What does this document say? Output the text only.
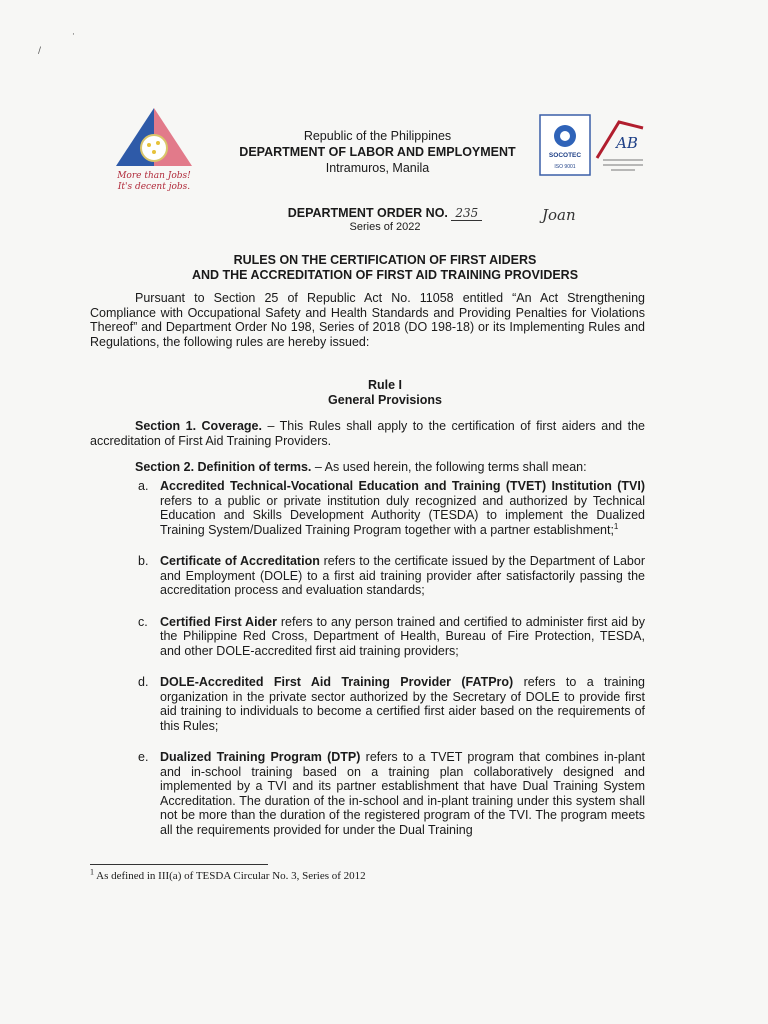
·
∕
More than Jobs!
It's decent jobs.
Republic of the Philippines
DEPARTMENT OF LABOR AND EMPLOYMENT
Intramuros, Manila
SOCOTEC
ISO 9001
AB
DEPARTMENT ORDER NO. 235
Series of 2022
Joan
RULES ON THE CERTIFICATION OF FIRST AIDERS
AND THE ACCREDITATION OF FIRST AID TRAINING PROVIDERS

Pursuant to Section 25 of Republic Act No. 11058 entitled “An Act Strengthening Compliance with Occupational Safety and Health Standards and Providing Penalties for Violations Thereof” and Department Order No 198, Series of 2018 (DO 198-18) or its Implementing Rules and Regulations, the following rules are hereby issued:

Rule I
General Provisions

Section 1. Coverage. – This Rules shall apply to the certification of first aiders and the accreditation of First Aid Training Providers.

Section 2. Definition of terms. – As used herein, the following terms shall mean:

a. Accredited Technical-Vocational Education and Training (TVET) Institution (TVI) refers to a public or private institution duly recognized and authorized by Technical Education and Skills Development Authority (TESDA) to implement the Dualized Training System/Dualized Training Program together with a partner establishment;$^1$
b. Certificate of Accreditation refers to the certificate issued by the Department of Labor and Employment (DOLE) to a first aid training provider after satisfactorily passing the accreditation process and evaluation standards;
c. Certified First Aider refers to any person trained and certified to administer first aid by the Philippine Red Cross, Department of Health, Bureau of Fire Protection, TESDA, and other DOLE-accredited first aid training providers;
d. DOLE-Accredited First Aid Training Provider (FATPro) refers to a training organization in the private sector authorized by the Secretary of DOLE to provide first aid training to individuals to become a certified first aider based on the requirements of this Rules;
e. Dualized Training Program (DTP) refers to a TVET program that combines in-plant and in-school training based on a training plan collaboratively designed and implemented by a TVI and its partner establishment that have Dual Training System Accreditation. The duration of the in-school and in-plant training under this system shall not be more than the duration of the registered program of the TVI. The program meets all the requirements provided for under the Dual Training
$^1$ As defined in III(a) of TESDA Circular No. 3, Series of 2012
